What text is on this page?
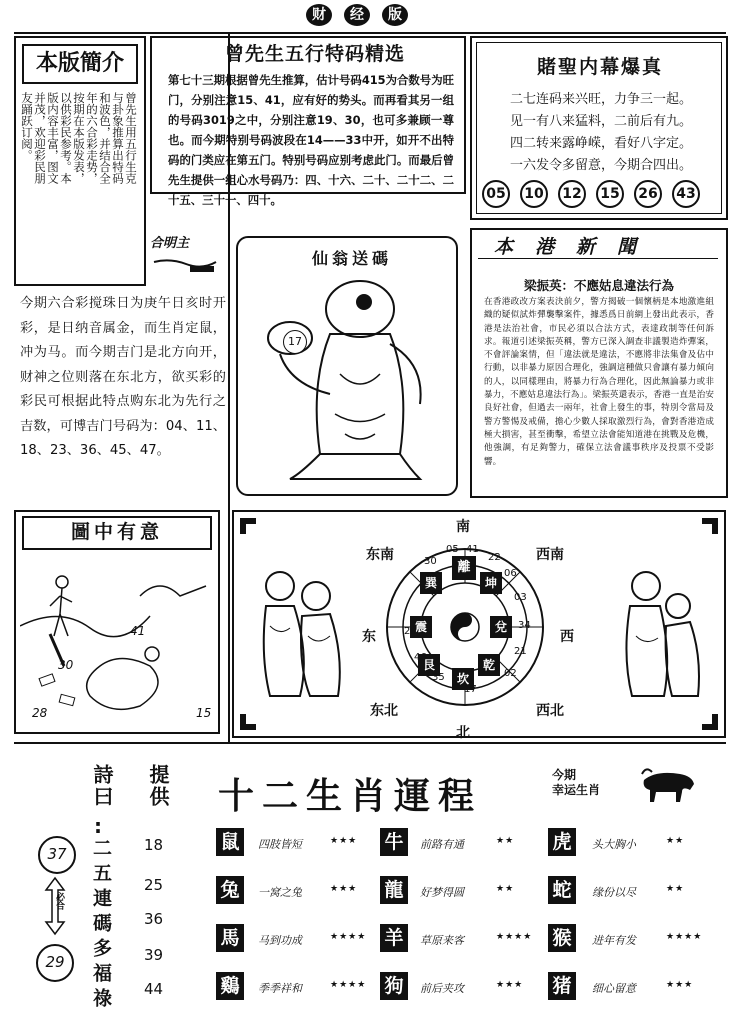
财 经 版
本版簡介
曾先生用五行生克
与卦象推算出特码
和波色，并结合全
年的六合彩走势，
按期在本版发表，
以供彩民参考。本
版内容丰富，图文
并茂，欢迎彩民朋
友踊跃订阅。
曾先生五行特码精选
第七十三期根据曾先生推算，估计号码415为合数号为旺门，分别注意15、41，应有好的势头。而再看其另一组的号码3019之中，分别注意19、30，也可多兼顾一尊也。而今期特别号码波段在14——33中开，如开不出特码的门类应在第五门。特别号码应别考虑此门。而最后曾先生提供一组心水号码乃：四、十六、二十、二十二、二十五、三十一、四十。
賭聖内幕爆真
二七连码来兴旺，力争三一起。
见一有八来猛料，二前后有九。
四二转来露峥嵘，看好八字定。
一六发令多留意，今期合四出。
05	10	12	15	26	43
合明主
今期六合彩搅珠日为庚午日亥时开彩，是日纳音属金，而生肖定鼠，冲为马。而今期吉门是北方向开，财神之位则落在东北方，欲买彩的彩民可根据此特点购东北为先行之吉数，可博吉门号码为：04、11、18、23、36、45、47。
仙翁送碼
17
本港新聞
梁振英：不應姑息違法行為
在香港政改方案表決前夕，警方揭破一個懷柄是本地激進組織的疑似試炸彈襲擊案件，據悉爲日前網上發出此表示，香港是法治社會，市民必須以合法方式，表達政制等任何訴求。報道引述梁振英稱，警方已深入調查非議製造炸彈案，不會評論案情，但「違法就是違法，不應將非法集會及佔中行動，以非暴力原因合理化，強調這種做只會讓有暴力傾向的人，以同樣理由，將暴力行為合理化，因此無論暴力或非暴力，不應姑息違法行為」。梁振英還表示，香港一直是治安良好社會，但過去一兩年，社會上發生的事，特別令當局及警方警惕及戒備，擔心少數人採取激烈行為，會對香港造成極大損害，甚至衝擊，希望立法會能知道港在挑戰及危機，他強調，有足夠警力，確保立法會議事秩序及投票不受影響。
圖中有意
41
30
28	15
離
坤
兌
乾
坎
艮
震
巽
05 41
22
06
03
34
21
02
17
35
46
28
30
南
北
东	西
东南	西南
东北	西北
詩曰 提供
:
二五連碼多福祿
37
必合
29
18
25
36
39
44
十二生肖運程
今期
幸运生肖
鼠	四肢皆短	★★★ 牛	前路有通	★★ 虎	头大胸小	★★
兔	一窝之兔	★★★ 龍	好梦得圆	★★ 蛇	缘份以尽	★★
馬	马到功成	★★★★ 羊	草原来客	★★★★ 猴	进年有发	★★★★
鷄	季季祥和	★★★★ 狗	前后夹攻	★★★ 猪	细心留意	★★★
